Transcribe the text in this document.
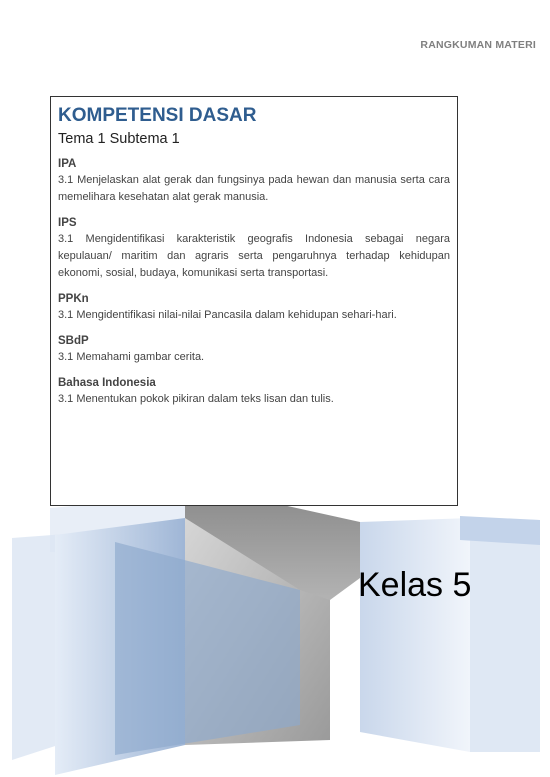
RANGKUMAN MATERI
KOMPETENSI DASAR
Tema 1 Subtema 1
IPA

3.1 Menjelaskan alat gerak dan fungsinya pada hewan dan manusia serta cara memelihara kesehatan alat gerak manusia.

IPS

3.1 Mengidentifikasi karakteristik geografis Indonesia sebagai negara kepulauan/ maritim dan agraris serta pengaruhnya terhadap kehidupan ekonomi, sosial, budaya, komunikasi serta transportasi.

PPKn

3.1 Mengidentifikasi nilai-nilai Pancasila dalam kehidupan sehari-hari.

SBdP

3.1 Memahami gambar cerita.

Bahasa Indonesia

3.1 Menentukan pokok pikiran dalam teks lisan dan tulis.

Kelas 5
